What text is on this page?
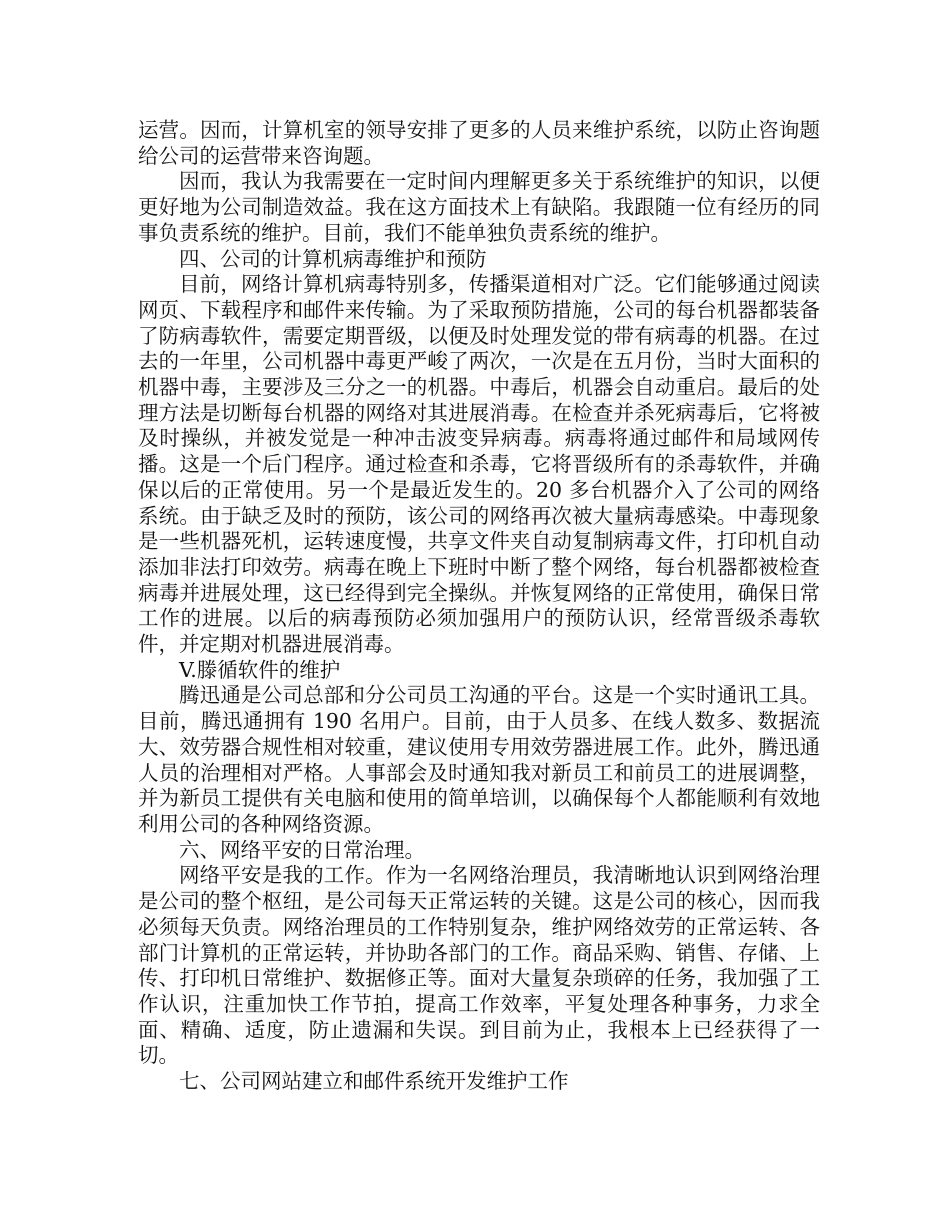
运营。因而，计算机室的领导安排了更多的人员来维护系统，以防止咨询题给公司的运营带来咨询题。

因而，我认为我需要在一定时间内理解更多关于系统维护的知识，以便更好地为公司制造效益。我在这方面技术上有缺陷。我跟随一位有经历的同事负责系统的维护。目前，我们不能单独负责系统的维护。

四、公司的计算机病毒维护和预防

目前，网络计算机病毒特别多，传播渠道相对广泛。它们能够通过阅读网页、下载程序和邮件来传输。为了采取预防措施，公司的每台机器都装备了防病毒软件，需要定期晋级，以便及时处理发觉的带有病毒的机器。在过去的一年里，公司机器中毒更严峻了两次，一次是在五月份，当时大面积的机器中毒，主要涉及三分之一的机器。中毒后，机器会自动重启。最后的处理方法是切断每台机器的网络对其进展消毒。在检查并杀死病毒后，它将被及时操纵，并被发觉是一种冲击波变异病毒。病毒将通过邮件和局域网传播。这是一个后门程序。通过检查和杀毒，它将晋级所有的杀毒软件，并确保以后的正常使用。另一个是最近发生的。20 多台机器介入了公司的网络系统。由于缺乏及时的预防，该公司的网络再次被大量病毒感染。中毒现象是一些机器死机，运转速度慢，共享文件夹自动复制病毒文件，打印机自动添加非法打印效劳。病毒在晚上下班时中断了整个网络，每台机器都被检查病毒并进展处理，这已经得到完全操纵。并恢复网络的正常使用，确保日常工作的进展。以后的病毒预防必须加强用户的预防认识，经常晋级杀毒软件，并定期对机器进展消毒。

V.滕循软件的维护

腾迅通是公司总部和分公司员工沟通的平台。这是一个实时通讯工具。目前，腾迅通拥有 190 名用户。目前，由于人员多、在线人数多、数据流大、效劳器合规性相对较重，建议使用专用效劳器进展工作。此外，腾迅通人员的治理相对严格。人事部会及时通知我对新员工和前员工的进展调整，并为新员工提供有关电脑和使用的简单培训，以确保每个人都能顺利有效地利用公司的各种网络资源。

六、网络平安的日常治理。

网络平安是我的工作。作为一名网络治理员，我清晰地认识到网络治理是公司的整个枢纽，是公司每天正常运转的关键。这是公司的核心，因而我必须每天负责。网络治理员的工作特别复杂，维护网络效劳的正常运转、各部门计算机的正常运转，并协助各部门的工作。商品采购、销售、存储、上传、打印机日常维护、数据修正等。面对大量复杂琐碎的任务，我加强了工作认识，注重加快工作节拍，提高工作效率，平复处理各种事务，力求全面、精确、适度，防止遗漏和失误。到目前为止，我根本上已经获得了一切。

七、公司网站建立和邮件系统开发维护工作
